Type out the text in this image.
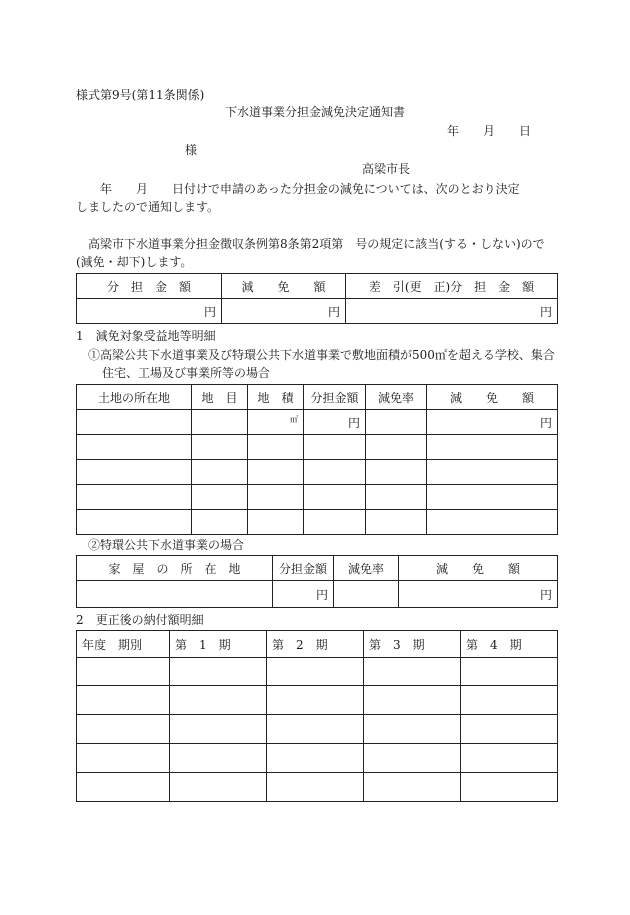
様式第9号(第11条関係)
下水道事業分担金減免決定通知書
年　　月　　日
様
高梁市長
　　年　　月　　日付けで申請のあった分担金の減免については、次のとおり決定
しましたので通知します。
高梁市下水道事業分担金徴収条例第8条第2項第　号の規定に該当(する・しない)ので
(減免・却下)します。
分　担　金　額	減　　免　　額	差　引(更　正)分　担　金　額
円	円	円
1　減免対象受益地等明細
①高梁公共下水道事業及び特環公共下水道事業で敷地面積が500㎡を超える学校、集合
住宅、工場及び事業所等の場合
土地の所在地	地　目	地　積	分担金額	減免率	減　　免　　額
		㎡	円		円

②特環公共下水道事業の場合
家　屋　の　所　在　地	分担金額	減免率	減　　免　　額
	円		円
2　更正後の納付額明細
年度　期別	第　1　期	第　2　期	第　3　期	第　4　期
